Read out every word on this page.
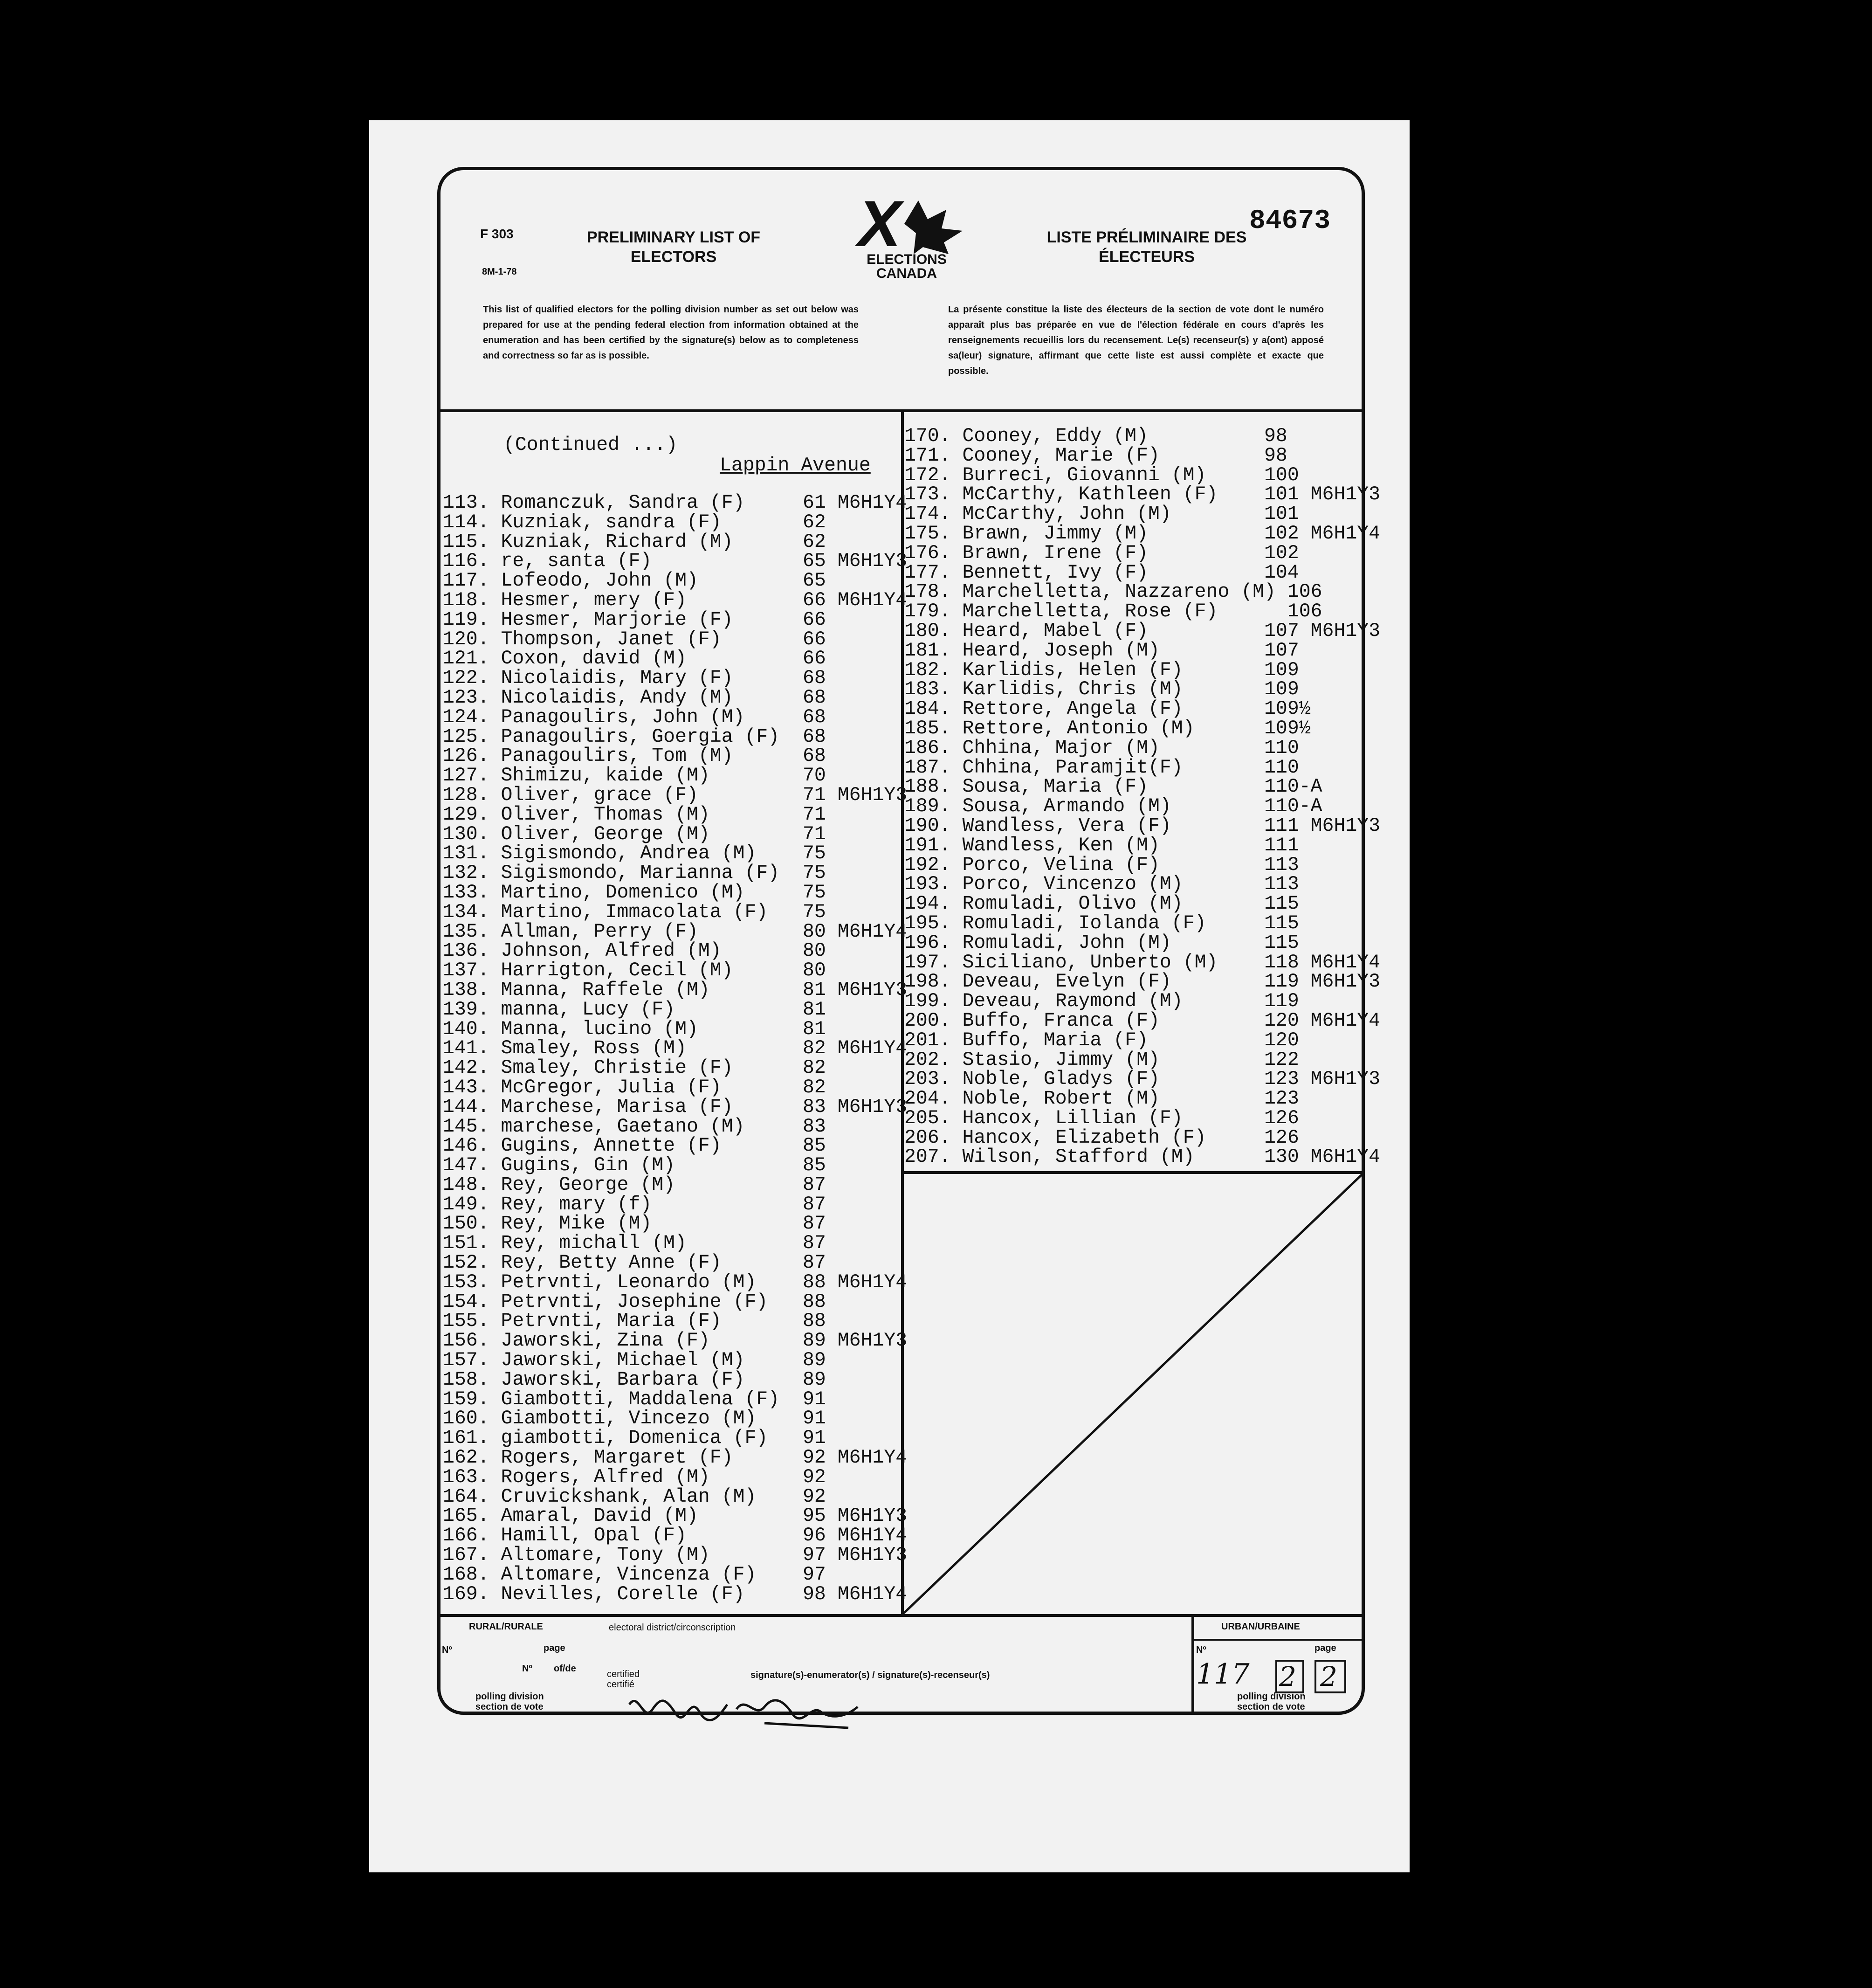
F 303
8M-1-78
PRELIMINARY LIST OF
ELECTORS
LISTE PRÉLIMINAIRE DES
ÉLECTEURS
84673
X
ELECTIONS
CANADA
This list of qualified electors for the polling division number as set out below was prepared for use at the pending federal election from information obtained at the enumeration and has been certified by the signature(s) below as to completeness and correctness so far as is possible.
La présente constitue la liste des électeurs de la section de vote dont le numéro apparaît plus bas préparée en vue de l'élection fédérale en cours d'après les renseignements recueillis lors du recensement. Le(s) recenseur(s) y a(ont) apposé sa(leur) signature, affirmant que cette liste est aussi complète et exacte que possible.
(Continued ...)
Lappin Avenue
113. Romanczuk, Sandra (F)     61 M6H1Y4
114. Kuzniak, sandra (F)       62
115. Kuzniak, Richard (M)      62
116. re, santa (F)             65 M6H1Y3
117. Lofeodo, John (M)         65
118. Hesmer, mery (F)          66 M6H1Y4
119. Hesmer, Marjorie (F)      66
120. Thompson, Janet (F)       66
121. Coxon, david (M)          66
122. Nicolaidis, Mary (F)      68
123. Nicolaidis, Andy (M)      68
124. Panagoulirs, John (M)     68
125. Panagoulirs, Goergia (F)  68
126. Panagoulirs, Tom (M)      68
127. Shimizu, kaide (M)        70
128. Oliver, grace (F)         71 M6H1Y3
129. Oliver, Thomas (M)        71
130. Oliver, George (M)        71
131. Sigismondo, Andrea (M)    75
132. Sigismondo, Marianna (F)  75
133. Martino, Domenico (M)     75
134. Martino, Immacolata (F)   75
135. Allman, Perry (F)         80 M6H1Y4
136. Johnson, Alfred (M)       80
137. Harrigton, Cecil (M)      80
138. Manna, Raffele (M)        81 M6H1Y3
139. manna, Lucy (F)           81
140. Manna, lucino (M)         81
141. Smaley, Ross (M)          82 M6H1Y4
142. Smaley, Christie (F)      82
143. McGregor, Julia (F)       82
144. Marchese, Marisa (F)      83 M6H1Y3
145. marchese, Gaetano (M)     83
146. Gugins, Annette (F)       85
147. Gugins, Gin (M)           85
148. Rey, George (M)           87
149. Rey, mary (f)             87
150. Rey, Mike (M)             87
151. Rey, michall (M)          87
152. Rey, Betty Anne (F)       87
153. Petrvnti, Leonardo (M)    88 M6H1Y4
154. Petrvnti, Josephine (F)   88
155. Petrvnti, Maria (F)       88
156. Jaworski, Zina (F)        89 M6H1Y3
157. Jaworski, Michael (M)     89
158. Jaworski, Barbara (F)     89
159. Giambotti, Maddalena (F)  91
160. Giambotti, Vincezo (M)    91
161. giambotti, Domenica (F)   91
162. Rogers, Margaret (F)      92 M6H1Y4
163. Rogers, Alfred (M)        92
164. Cruvickshank, Alan (M)    92
165. Amaral, David (M)         95 M6H1Y3
166. Hamill, Opal (F)          96 M6H1Y4
167. Altomare, Tony (M)        97 M6H1Y3
168. Altomare, Vincenza (F)    97
169. Nevilles, Corelle (F)     98 M6H1Y4
170. Cooney, Eddy (M)          98
171. Cooney, Marie (F)         98
172. Burreci, Giovanni (M)     100
173. McCarthy, Kathleen (F)    101 M6H1Y3
174. McCarthy, John (M)        101
175. Brawn, Jimmy (M)          102 M6H1Y4
176. Brawn, Irene (F)          102
177. Bennett, Ivy (F)          104
178. Marchelletta, Nazzareno (M) 106
179. Marchelletta, Rose (F)      106
180. Heard, Mabel (F)          107 M6H1Y3
181. Heard, Joseph (M)         107
182. Karlidis, Helen (F)       109
183. Karlidis, Chris (M)       109
184. Rettore, Angela (F)       109½
185. Rettore, Antonio (M)      109½
186. Chhina, Major (M)         110
187. Chhina, Paramjit(F)       110
188. Sousa, Maria (F)          110-A
189. Sousa, Armando (M)        110-A
190. Wandless, Vera (F)        111 M6H1Y3
191. Wandless, Ken (M)         111
192. Porco, Velina (F)         113
193. Porco, Vincenzo (M)       113
194. Romuladi, Olivo (M)       115
195. Romuladi, Iolanda (F)     115
196. Romuladi, John (M)        115
197. Siciliano, Unberto (M)    118 M6H1Y4
198. Deveau, Evelyn (F)        119 M6H1Y3
199. Deveau, Raymond (M)       119
200. Buffo, Franca (F)         120 M6H1Y4
201. Buffo, Maria (F)          120
202. Stasio, Jimmy (M)         122
203. Noble, Gladys (F)         123 M6H1Y3
204. Noble, Robert (M)         123
205. Hancox, Lillian (F)       126
206. Hancox, Elizabeth (F)     126
207. Wilson, Stafford (M)      130 M6H1Y4
RURAL/RURALE	electoral district/circonscription	URBAN/URBAINE
Nº	page
Nº of/de
certified
certifié
signature(s)-enumerator(s) / signature(s)-recenseur(s)
polling division
section de vote
Nº	page
polling division
section de vote
117 2 2
